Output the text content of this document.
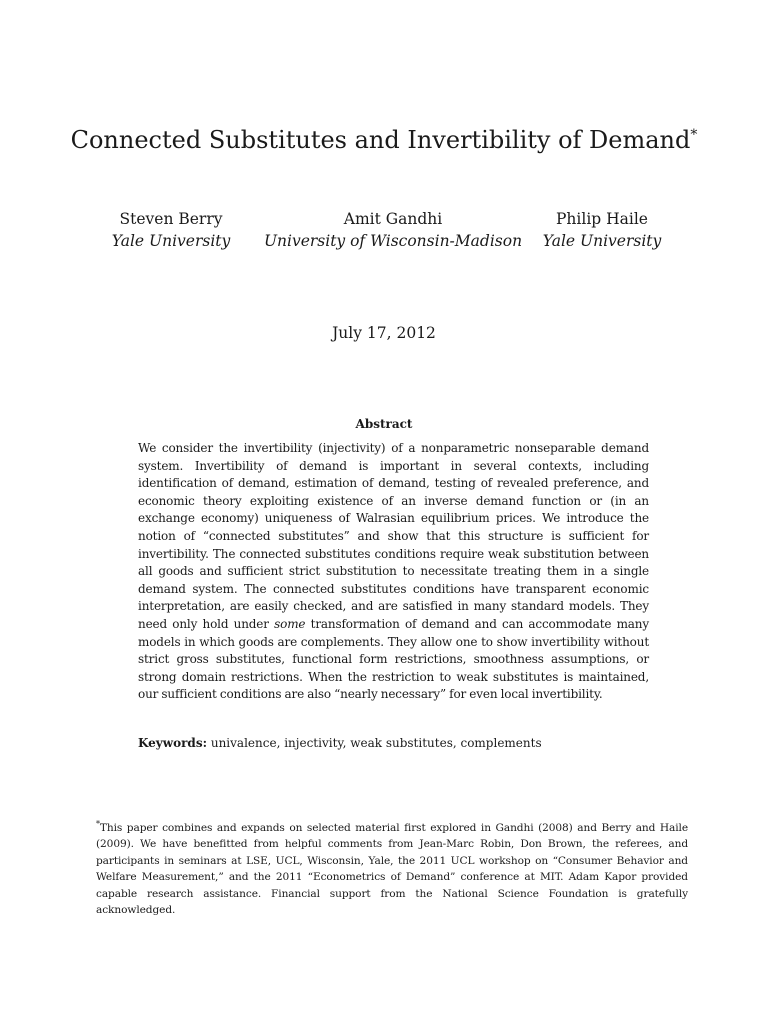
Connected Substitutes and Invertibility of Demand*
Steven Berry
Yale University
Amit Gandhi
University of Wisconsin-Madison
Philip Haile
Yale University
July 17, 2012
Abstract
We consider the invertibility (injectivity) of a nonparametric nonseparable demand system. Invertibility of demand is important in several contexts, including identification of demand, estimation of demand, testing of revealed preference, and economic theory exploiting existence of an inverse demand function or (in an exchange economy) uniqueness of Walrasian equilibrium prices. We introduce the notion of “connected substitutes” and show that this structure is sufficient for invertibility. The connected substitutes conditions require weak substitution between all goods and sufficient strict substitution to necessitate treating them in a single demand system. The connected substitutes conditions have transparent economic interpretation, are easily checked, and are satisfied in many standard models. They need only hold under some transformation of demand and can accommodate many models in which goods are complements. They allow one to show invertibility without strict gross substitutes, functional form restrictions, smoothness assumptions, or strong domain restrictions. When the restriction to weak substitutes is maintained, our sufficient conditions are also “nearly necessary” for even local invertibility.
Keywords: univalence, injectivity, weak substitutes, complements
*This paper combines and expands on selected material first explored in Gandhi (2008) and Berry and Haile (2009). We have benefitted from helpful comments from Jean-Marc Robin, Don Brown, the referees, and participants in seminars at LSE, UCL, Wisconsin, Yale, the 2011 UCL workshop on “Consumer Behavior and Welfare Measurement,” and the 2011 “Econometrics of Demand” conference at MIT. Adam Kapor provided capable research assistance. Financial support from the National Science Foundation is gratefully acknowledged.
